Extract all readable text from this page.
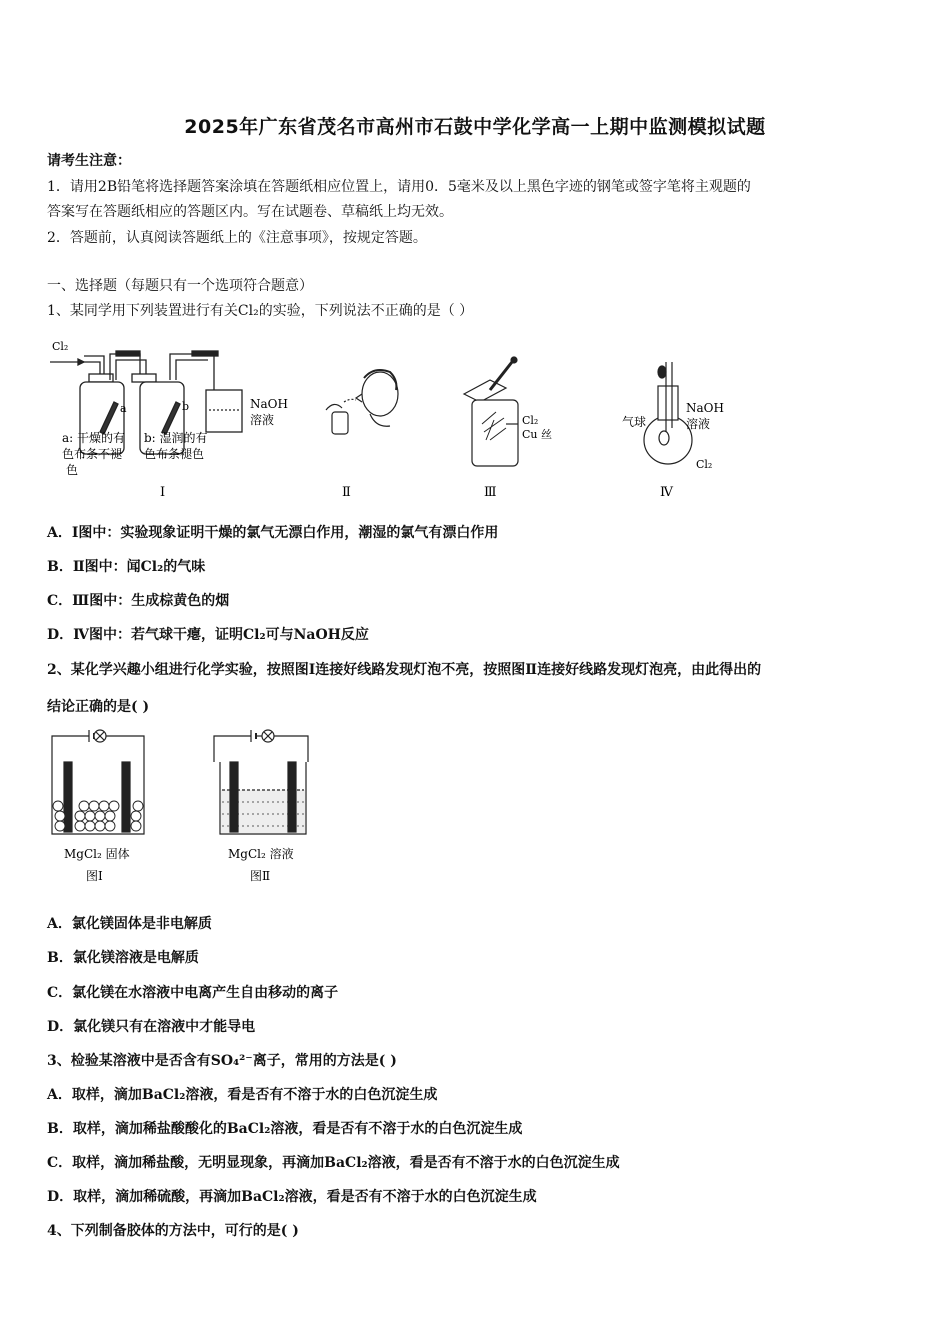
2025年广东省茂名市高州市石鼓中学化学高一上期中监测模拟试题
请考生注意：
1．请用2B铅笔将选择题答案涂填在答题纸相应位置上，请用0．5毫米及以上黑色字迹的钢笔或签字笔将主观题的
答案写在答题纸相应的答题区内。写在试题卷、草稿纸上均无效。
2．答题前，认真阅读答题纸上的《注意事项》，按规定答题。
一、选择题（每题只有一个选项符合题意）
1、某同学用下列装置进行有关Cl₂的实验，下列说法不正确的是（ ）
Cl₂
a	b	NaOH
溶液
a: 干燥的有
色布条不褪
色
b: 湿润的有
色布条褪色
Ⅰ	Ⅱ
Cl₂
Cu 丝
Ⅲ
气球
NaOH
溶液
Cl₂
Ⅳ
A．Ⅰ图中：实验现象证明干燥的氯气无漂白作用，潮湿的氯气有漂白作用
B．Ⅱ图中：闻Cl₂的气味
C．Ⅲ图中：生成棕黄色的烟
D．Ⅳ图中：若气球干瘪，证明Cl₂可与NaOH反应
2、某化学兴趣小组进行化学实验，按照图Ⅰ连接好线路发现灯泡不亮，按照图Ⅱ连接好线路发现灯泡亮，由此得出的
结论正确的是( )
MgCl₂ 固体
图Ⅰ
MgCl₂ 溶液
图Ⅱ
A．氯化镁固体是非电解质
B．氯化镁溶液是电解质
C．氯化镁在水溶液中电离产生自由移动的离子
D．氯化镁只有在溶液中才能导电
3、检验某溶液中是否含有SO₄²⁻离子，常用的方法是( )
A．取样，滴加BaCl₂溶液，看是否有不溶于水的白色沉淀生成
B．取样，滴加稀盐酸酸化的BaCl₂溶液，看是否有不溶于水的白色沉淀生成
C．取样，滴加稀盐酸，无明显现象，再滴加BaCl₂溶液，看是否有不溶于水的白色沉淀生成
D．取样，滴加稀硫酸，再滴加BaCl₂溶液，看是否有不溶于水的白色沉淀生成
4、下列制备胶体的方法中，可行的是( )
